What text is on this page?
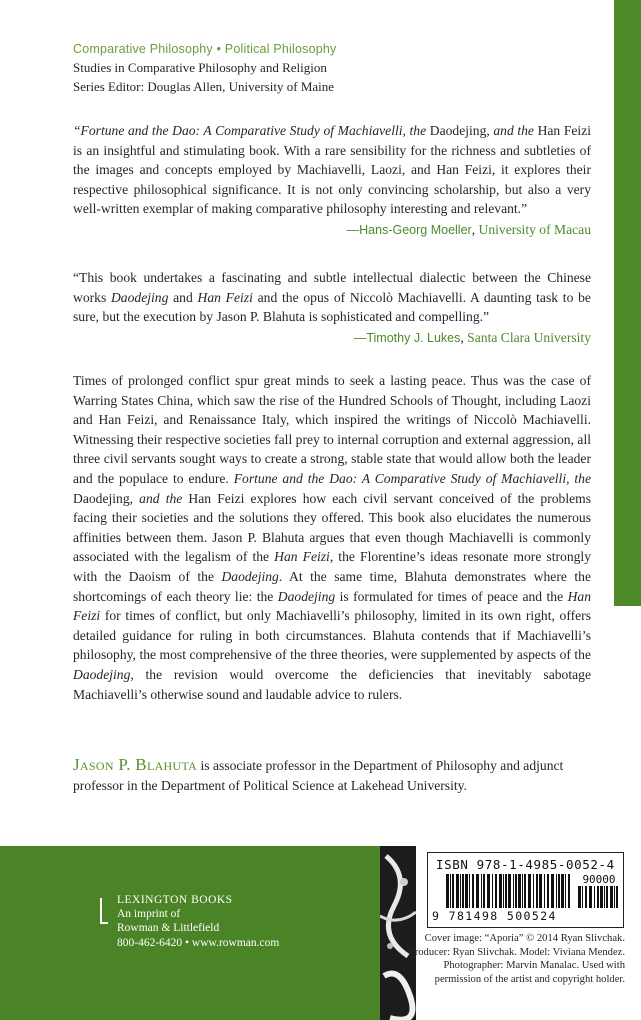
Comparative Philosophy • Political Philosophy
Studies in Comparative Philosophy and Religion
Series Editor: Douglas Allen, University of Maine
“Fortune and the Dao: A Comparative Study of Machiavelli, the Daodejing, and the Han Feizi is an insightful and stimulating book. With a rare sensibility for the richness and subtleties of the images and concepts employed by Machiavelli, Laozi, and Han Feizi, it explores their respective philosophical significance. It is not only convincing scholarship, but also a very well-written exemplar of making comparative philosophy interesting and relevant.”
—Hans-Georg Moeller, University of Macau
“This book undertakes a fascinating and subtle intellectual dialectic between the Chinese works Daodejing and Han Feizi and the opus of Niccolò Machiavelli. A daunting task to be sure, but the execution by Jason P. Blahuta is sophisticated and compelling.”
—Timothy J. Lukes, Santa Clara University
Times of prolonged conflict spur great minds to seek a lasting peace. Thus was the case of Warring States China, which saw the rise of the Hundred Schools of Thought, including Laozi and Han Feizi, and Renaissance Italy, which inspired the writings of Niccolò Machiavelli. Witnessing their respective societies fall prey to internal corruption and external aggression, all three civil servants sought ways to create a strong, stable state that would allow both the leader and the populace to endure. Fortune and the Dao: A Comparative Study of Machiavelli, the Daodejing, and the Han Feizi explores how each civil servant conceived of the problems facing their societies and the solutions they offered. This book also elucidates the numerous affinities between them. Jason P. Blahuta argues that even though Machiavelli is commonly associated with the legalism of the Han Feizi, the Florentine’s ideas resonate more strongly with the Daoism of the Daodejing. At the same time, Blahuta demonstrates where the shortcomings of each theory lie: the Daodejing is formulated for times of peace and the Han Feizi for times of conflict, but only Machiavelli’s philosophy, limited in its own right, offers detailed guidance for ruling in both circumstances. Blahuta contends that if Machiavelli’s philosophy, the most comprehensive of the three theories, were supplemented by aspects of the Daodejing, the revision would overcome the deficiencies that inevitably sabotage Machiavelli’s otherwise sound and laudable advice to rulers.
Jason P. Blahuta is associate professor in the Department of Philosophy and adjunct professor in the Department of Political Science at Lakehead University.
LEXINGTON BOOKS
An imprint of
Rowman & Littlefield
800-462-6420 • www.rowman.com
ISBN 978-1-4985-0052-4
90000
9 781498 500524
Cover image: “Aporia” © 2014 Ryan Slivchak.
Producer: Ryan Slivchak. Model: Viviana Mendez.
Photographer: Marvin Manalac. Used with
permission of the artist and copyright holder.
